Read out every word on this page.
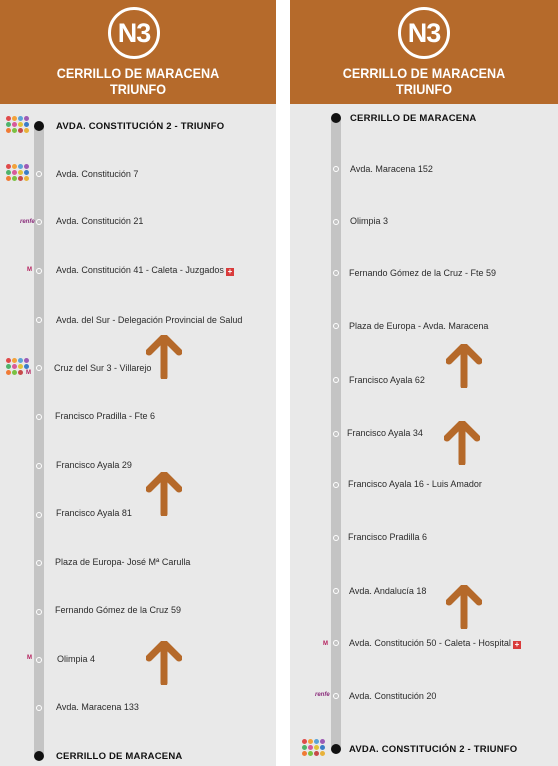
N3
CERRILLO DE MARACENA
TRIUNFO
AVDA. CONSTITUCIÓN 2 - TRIUNFO
Avda. Constitución 7
Avda. Constitución 21
Avda. Constitución 41 - Caleta - Juzgados +
Avda. del Sur - Delegación Provincial de Salud
Cruz del Sur 3 - Villarejo
Francisco Pradilla - Fte 6
Francisco Ayala 29
Francisco Ayala 81
Plaza de Europa- José Mª Carulla
Fernando Gómez de la Cruz 59
Olimpia 4
Avda. Maracena 133
CERRILLO DE MARACENA
renfe
M
M
M
N3
CERRILLO DE MARACENA
TRIUNFO
CERRILLO DE MARACENA
Avda. Maracena 152
Olimpia 3
Fernando Gómez de la Cruz - Fte 59
Plaza de Europa - Avda. Maracena
Francisco Ayala 62
Francisco Ayala 34
Francisco Ayala 16 - Luis Amador
Francisco Pradilla 6
Avda. Andalucía 18
Avda. Constitución 50 - Caleta - Hospital +
Avda. Constitución 20
AVDA. CONSTITUCIÓN 2 - TRIUNFO
M
renfe
